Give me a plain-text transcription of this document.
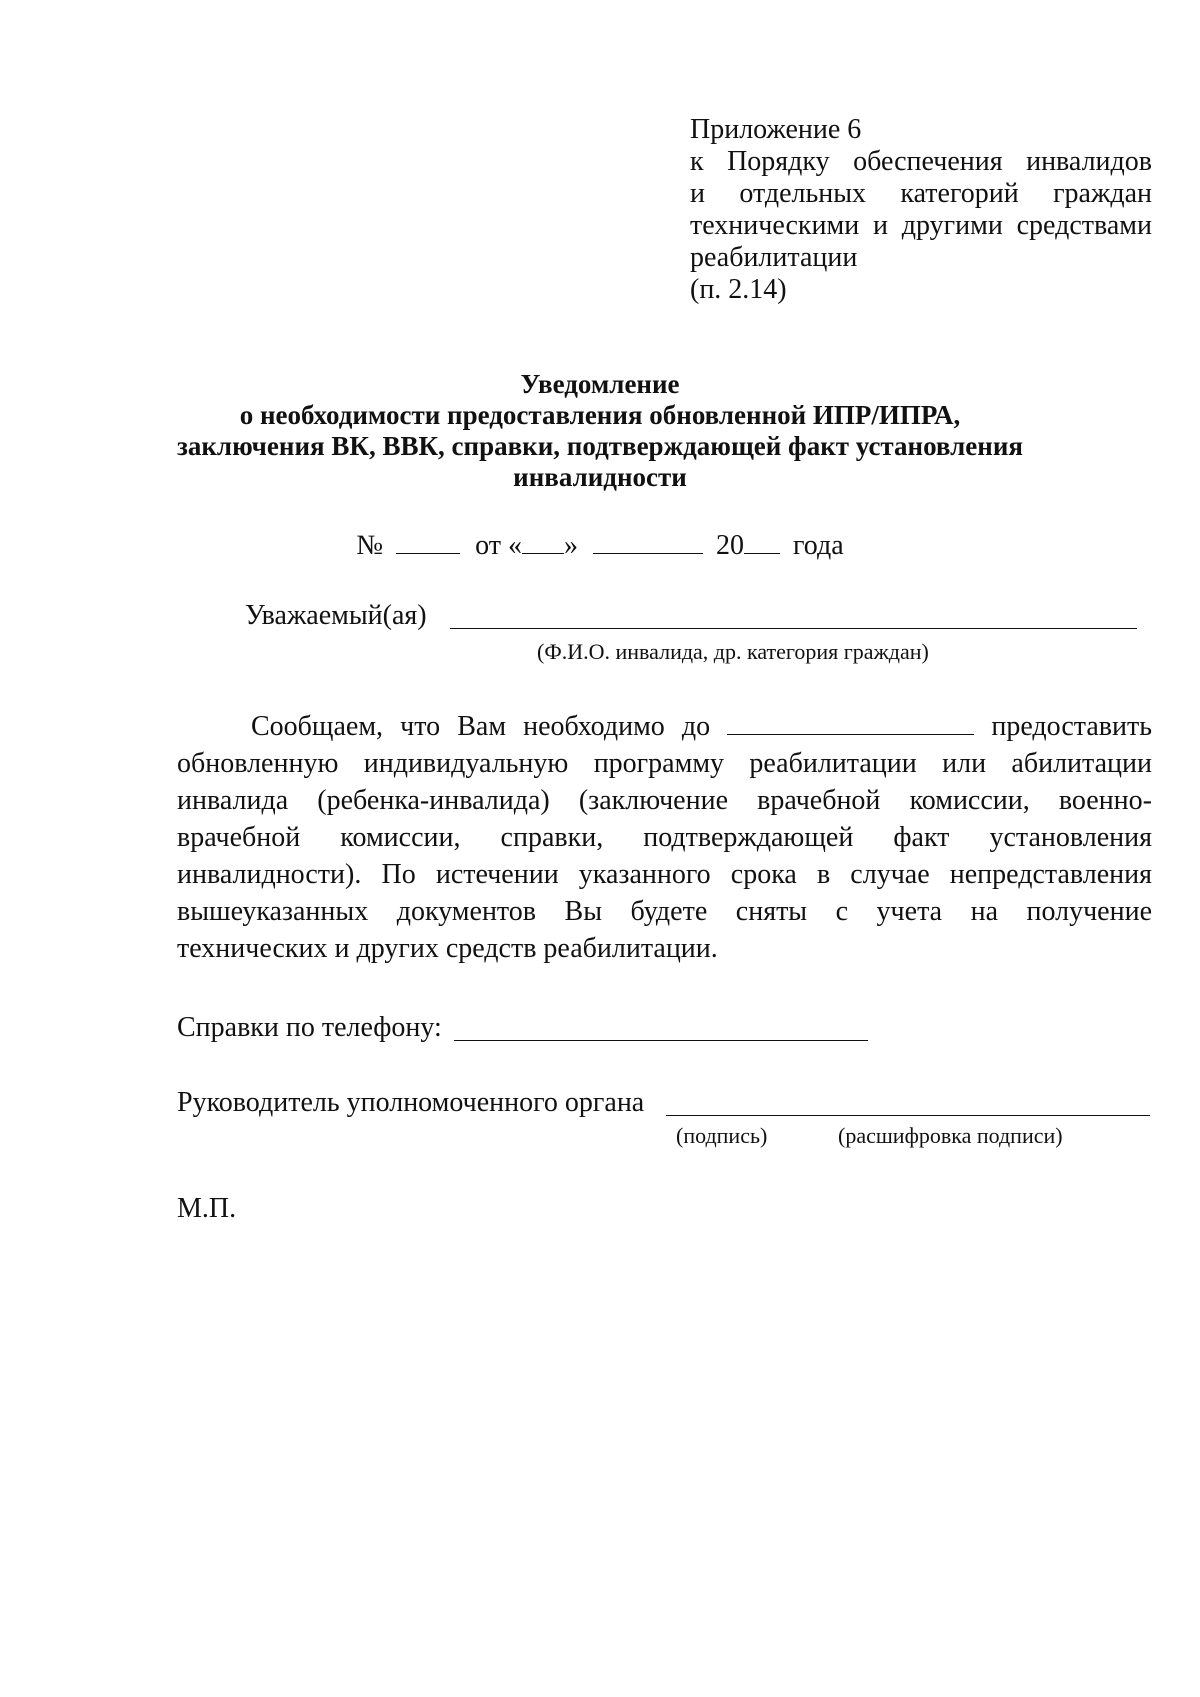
Приложение 6
к Порядку обеспечения инвалидов
и отдельных категорий граждан
техническими и другими средствами
реабилитации
(п. 2.14)
Уведомление
о необходимости предоставления обновленной ИПР/ИПРА,
заключения ВК, ВВК, справки, подтверждающей факт установления
инвалидности
№	от « »	20 года
Уважаемый(ая)
(Ф.И.О. инвалида, др. категория граждан)
Сообщаем, что Вам необходимо до	предоставить
обновленную индивидуальную программу реабилитации или абилитации
инвалида (ребенка-инвалида) (заключение врачебной комиссии, военно-
врачебной комиссии, справки, подтверждающей факт установления
инвалидности). По истечении указанного срока в случае непредставления
вышеуказанных документов Вы будете сняты с учета на получение
технических и других средств реабилитации.
Справки по телефону:
Руководитель уполномоченного органа
(подпись)	(расшифровка подписи)
М.П.
